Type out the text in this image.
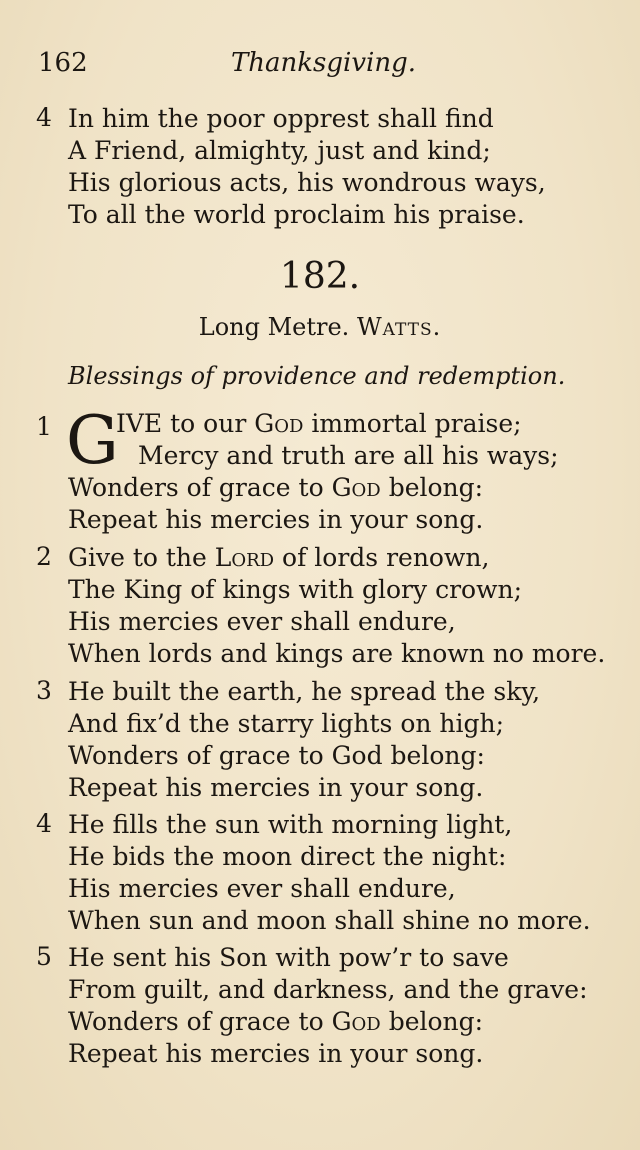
162	Thanksgiving.
4 In him the poor opprest shall find
A Friend, almighty, just and kind;
His glorious acts, his wondrous ways,
To all the world proclaim his praise.
182.
Long Metre. Watts.
Blessings of providence and redemption.
1 G
IVE to our God immortal praise;
Mercy and truth are all his ways;
Wonders of grace to God belong:
Repeat his mercies in your song.
2 Give to the Lord of lords renown,
The King of kings with glory crown;
His mercies ever shall endure,
When lords and kings are known no more.
3 He built the earth, he spread the sky,
And fix’d the starry lights on high;
Wonders of grace to God belong:
Repeat his mercies in your song.
4 He fills the sun with morning light,
He bids the moon direct the night:
His mercies ever shall endure,
When sun and moon shall shine no more.
5 He sent his Son with pow’r to save
From guilt, and darkness, and the grave:
Wonders of grace to God belong:
Repeat his mercies in your song.
